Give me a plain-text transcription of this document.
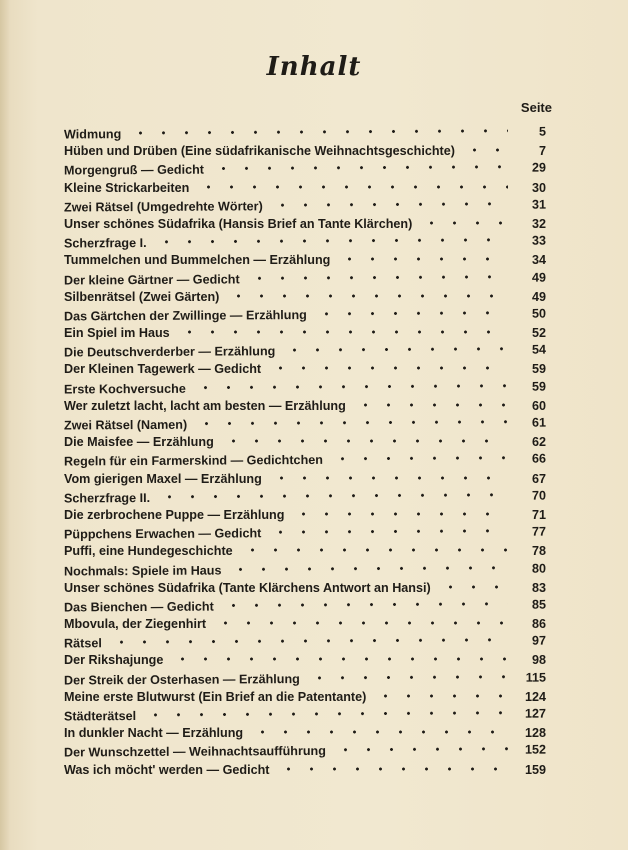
Inhalt
Seite
Widmung	5
Hüben und Drüben (Eine südafrikanische Weihnachtsgeschichte)	7
Morgengruß — Gedicht	29
Kleine Strickarbeiten	30
Zwei Rätsel (Umgedrehte Wörter)	31
Unser schönes Südafrika (Hansis Brief an Tante Klärchen)	32
Scherzfrage I.	33
Tummelchen und Bummelchen — Erzählung	34
Der kleine Gärtner — Gedicht	49
Silbenrätsel (Zwei Gärten)	49
Das Gärtchen der Zwillinge — Erzählung	50
Ein Spiel im Haus	52
Die Deutschverderber — Erzählung	54
Der Kleinen Tagewerk — Gedicht	59
Erste Kochversuche	59
Wer zuletzt lacht, lacht am besten — Erzählung	60
Zwei Rätsel (Namen)	61
Die Maisfee — Erzählung	62
Regeln für ein Farmerskind — Gedichtchen	66
Vom gierigen Maxel — Erzählung	67
Scherzfrage II.	70
Die zerbrochene Puppe — Erzählung	71
Püppchens Erwachen — Gedicht	77
Puffi, eine Hundegeschichte	78
Nochmals: Spiele im Haus	80
Unser schönes Südafrika (Tante Klärchens Antwort an Hansi)	83
Das Bienchen — Gedicht	85
Mbovula, der Ziegenhirt	86
Rätsel	97
Der Rikshajunge	98
Der Streik der Osterhasen — Erzählung	115
Meine erste Blutwurst (Ein Brief an die Patentante)	124
Städterätsel	127
In dunkler Nacht — Erzählung	128
Der Wunschzettel — Weihnachtsaufführung	152
Was ich möcht' werden — Gedicht	159
